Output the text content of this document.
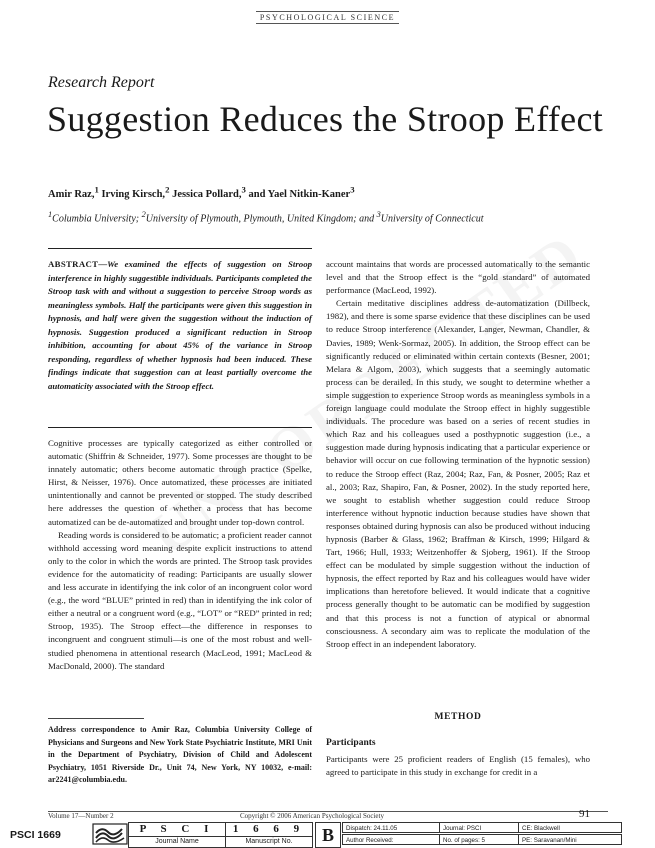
PSYCHOLOGICAL SCIENCE
Research Report
Suggestion Reduces the Stroop Effect
Amir Raz,$^1$ Irving Kirsch,$^2$ Jessica Pollard,$^3$ and Yael Nitkin-Kaner$^3$
$^1$Columbia University; $^2$University of Plymouth, Plymouth, United Kingdom; and $^3$University of Connecticut
ABSTRACT—We examined the effects of suggestion on Stroop interference in highly suggestible individuals. Participants completed the Stroop task with and without a suggestion to perceive Stroop words as meaningless symbols. Half the participants were given this suggestion in hypnosis, and half were given the suggestion without the induction of hypnosis. Suggestion produced a significant reduction in Stroop inhibition, accounting for about 45% of the variance in Stroop responding, regardless of whether hypnosis had been induced. These findings indicate that suggestion can at least partially overcome the automaticity associated with the Stroop effect.

Cognitive processes are typically categorized as either controlled or automatic (Shiffrin & Schneider, 1977). Some processes are thought to be innately automatic; others become automatic through practice (Spelke, Hirst, & Neisser, 1976). Once automatized, these processes are initiated unintentionally and cannot be prevented or stopped. The study described here addresses the question of whether a process that has become automatized can be de-automatized and brought under top-down control.

Reading words is considered to be automatic; a proficient reader cannot withhold accessing word meaning despite explicit instructions to attend only to the color in which the words are printed. The Stroop task provides evidence for the automaticity of reading: Participants are usually slower and less accurate in identifying the ink color of an incongruent color word (e.g., the word “BLUE” printed in red) than in identifying the ink color of either a neutral or a congruent word (e.g., “LOT” or “RED” printed in red; Stroop, 1935). The Stroop effect—the difference in responses to incongruent and congruent stimuli—is one of the most robust and well-studied phenomena in attentional research (MacLeod, 1991; MacLeod & MacDonald, 2000). The standard

Address correspondence to Amir Raz, Columbia University College of Physicians and Surgeons and New York State Psychiatric Institute, MRI Unit in the Department of Psychiatry, Division of Child and Adolescent Psychiatry, 1051 Riverside Dr., Unit 74, New York, NY 10032, e-mail: ar2241@columbia.edu.

account maintains that words are processed automatically to the semantic level and that the Stroop effect is the “gold standard” of automated performance (MacLeod, 1992).

Certain meditative disciplines address de-automatization (Dillbeck, 1982), and there is some sparse evidence that these disciplines can be used to reduce Stroop interference (Alexander, Langer, Newman, Chandler, & Davies, 1989; Wenk-Sormaz, 2005). In addition, the Stroop effect can be significantly reduced or eliminated within certain contexts (Besner, 2001; Melara & Algom, 2003), which suggests that a seemingly automatic process can be derailed. In this study, we sought to determine whether a simple suggestion to experience Stroop words as meaningless symbols in a foreign language could modulate the Stroop effect in highly suggestible individuals. The procedure was based on a series of recent studies in which Raz and his colleagues used a posthypnotic suggestion (i.e., a suggestion made during hypnosis indicating that a particular experience or behavior will occur on cue following termination of the hypnotic session) to reduce the Stroop effect (Raz, 2004; Raz, Fan, & Posner, 2005; Raz et al., 2003; Raz, Shapiro, Fan, & Posner, 2002). In the study reported here, we sought to establish whether suggestion could reduce Stroop interference without hypnotic induction because studies have shown that responses obtained during hypnosis can also be produced without inducing hypnosis (Barber & Glass, 1962; Braffman & Kirsch, 1999; Hilgard & Tart, 1966; Hull, 1933; Weitzenhoffer & Sjoberg, 1961). If the Stroop effect can be modulated by simple suggestion without the induction of hypnosis, the effect reported by Raz and his colleagues would have wider implications than heretofore believed. It would indicate that a cognitive process generally thought to be automatic can be modified by suggestion and that this process is not a function of atypical or abnormal consciousness. A secondary aim was to replicate the modulation of the Stroop effect in an independent laboratory.

METHOD
Participants

Participants were 25 proficient readers of English (15 females), who agreed to participate in this study in exchange for credit in a

Volume 17—Number 2	Copyright © 2006 American Psychological Society	91
PSCI 1669	P S C I
Journal Name
1 6 6 9
Manuscript No.	B	Dispatch: 24.11.05	Journal: PSCI	CE: Blackwell
Author Received:	No. of pages: 5	PE: Saravanan/Mini
